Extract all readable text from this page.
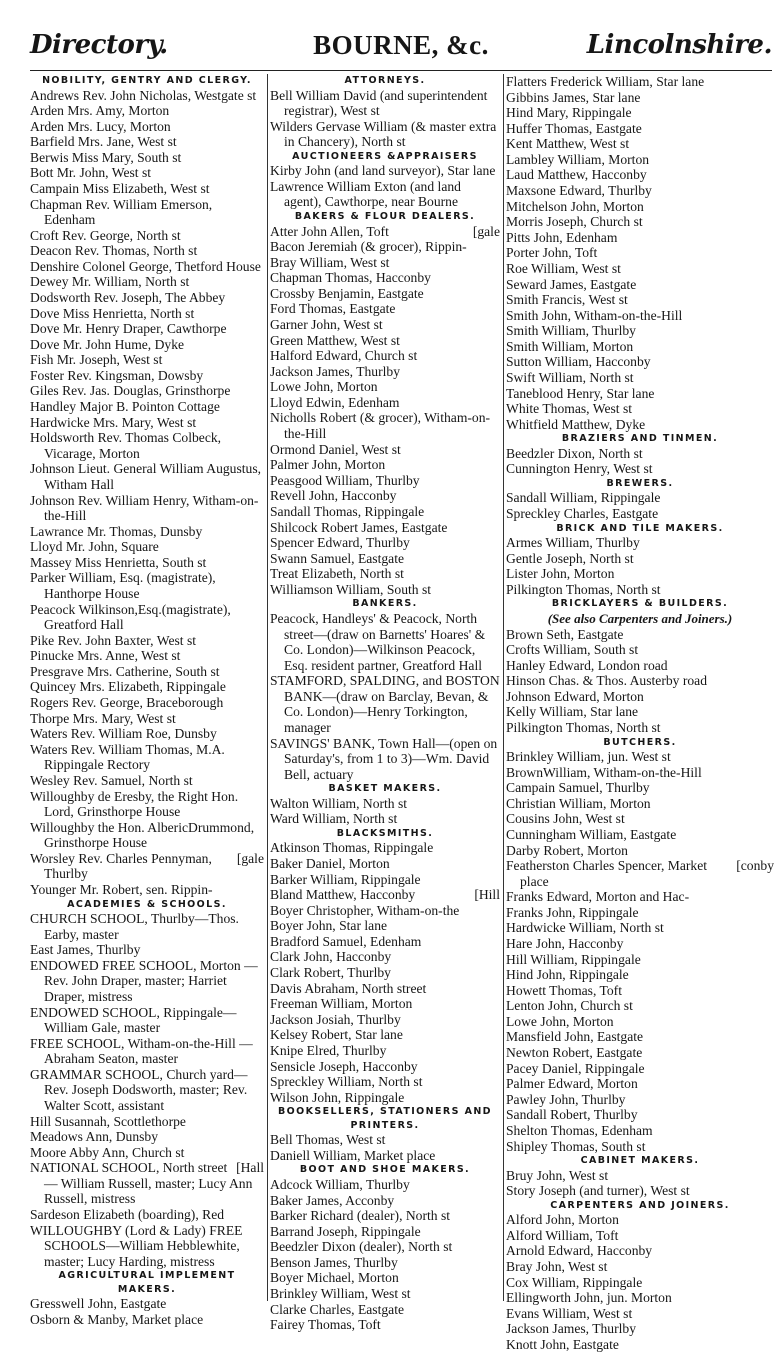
BOURNE, &c.
Directory.	Lincolnshire.
NOBILITY, GENTRY AND CLERGY.
Andrews Rev. John Nicholas, Westgate st
Arden Mrs. Amy, Morton
Arden Mrs. Lucy, Morton
Barfield Mrs. Jane, West st
Berwis Miss Mary, South st
Bott Mr. John, West st
Campain Miss Elizabeth, West st
Chapman Rev. William Emerson, Edenham
Croft Rev. George, North st
Deacon Rev. Thomas, North st
Denshire Colonel George, Thetford House
Dewey Mr. William, North st
Dodsworth Rev. Joseph, The Abbey
Dove Miss Henrietta, North st
Dove Mr. Henry Draper, Cawthorpe
Dove Mr. John Hume, Dyke
Fish Mr. Joseph, West st
Foster Rev. Kingsman, Dowsby
Giles Rev. Jas. Douglas, Grinsthorpe
Handley Major B. Pointon Cottage
Hardwicke Mrs. Mary, West st
Holdsworth Rev. Thomas Colbeck, Vicarage, Morton
Johnson Lieut. General William Augustus, Witham Hall
Johnson Rev. William Henry, Witham-on-the-Hill
Lawrance Mr. Thomas, Dunsby
Lloyd Mr. John, Square
Massey Miss Henrietta, South st
Parker William, Esq. (magistrate), Hanthorpe House
Peacock Wilkinson,Esq.(magistrate), Greatford Hall
Pike Rev. John Baxter, West st
Pinucke Mrs. Anne, West st
Presgrave Mrs. Catherine, South st
Quincey Mrs. Elizabeth, Rippingale
Rogers Rev. George, Braceborough
Thorpe Mrs. Mary, West st
Waters Rev. William Roe, Dunsby
Waters Rev. William Thomas, M.A. Rippingale Rectory
Wesley Rev. Samuel, North st
Willoughby de Eresby, the Right Hon. Lord, Grinsthorpe House
Willoughby the Hon. AlbericDrummond, Grinsthorpe House
[gale
Worsley Rev. Charles Pennyman, Thurlby
Younger Mr. Robert, sen. Rippin-
ACADEMIES & SCHOOLS.
CHURCH SCHOOL, Thurlby—Thos. Earby, master
East James, Thurlby
ENDOWED FREE SCHOOL, Morton —Rev. John Draper, master; Harriet Draper, mistress
ENDOWED SCHOOL, Rippingale— William Gale, master
FREE SCHOOL, Witham-on-the-Hill —Abraham Seaton, master
GRAMMAR SCHOOL, Church yard— Rev. Joseph Dodsworth, master; Rev. Walter Scott, assistant
Hill Susannah, Scottlethorpe
Meadows Ann, Dunsby
Moore Abby Ann, Church st
[Hall
NATIONAL SCHOOL, North street— William Russell, master; Lucy Ann Russell, mistress
Sardeson Elizabeth (boarding), Red
WILLOUGHBY (Lord & Lady) FREE SCHOOLS—William Hebblewhite, master; Lucy Harding, mistress
AGRICULTURAL IMPLEMENT MAKERS.
Gresswell John, Eastgate
Osborn & Manby, Market place
ATTORNEYS.
Bell William David (and superintendent registrar), West st
Wilders Gervase William (& master extra in Chancery), North st
AUCTIONEERS &APPRAISERS
Kirby John (and land surveyor), Star lane
Lawrence William Exton (and land agent), Cawthorpe, near Bourne
BAKERS & FLOUR DEALERS.
[gale
Atter John Allen, Toft
Bacon Jeremiah (& grocer), Rippin-
Bray William, West st
Chapman Thomas, Hacconby
Crossby Benjamin, Eastgate
Ford Thomas, Eastgate
Garner John, West st
Green Matthew, West st
Halford Edward, Church st
Jackson James, Thurlby
Lowe John, Morton
Lloyd Edwin, Edenham
Nicholls Robert (& grocer), Witham-on-the-Hill
Ormond Daniel, West st
Palmer John, Morton
Peasgood William, Thurlby
Revell John, Hacconby
Sandall Thomas, Rippingale
Shilcock Robert James, Eastgate
Spencer Edward, Thurlby
Swann Samuel, Eastgate
Treat Elizabeth, North st
Williamson William, South st
BANKERS.
Peacock, Handleys' & Peacock, North street—(draw on Barnetts' Hoares' & Co. London)—Wilkinson Peacock, Esq. resident partner, Greatford Hall
STAMFORD, SPALDING, and BOSTON BANK—(draw on Barclay, Bevan, & Co. London)—Henry Torkington, manager
SAVINGS' BANK, Town Hall—(open on Saturday's, from 1 to 3)—Wm. David Bell, actuary
BASKET MAKERS.
Walton William, North st
Ward William, North st
BLACKSMITHS.
Atkinson Thomas, Rippingale
Baker Daniel, Morton
Barker William, Rippingale
[Hill
Bland Matthew, Hacconby
Boyer Christopher, Witham-on-the
Boyer John, Star lane
Bradford Samuel, Edenham
Clark John, Hacconby
Clark Robert, Thurlby
Davis Abraham, North street
Freeman William, Morton
Jackson Josiah, Thurlby
Kelsey Robert, Star lane
Knipe Elred, Thurlby
Sensicle Joseph, Hacconby
Spreckley William, North st
Wilson John, Rippingale
BOOKSELLERS, STATIONERS AND PRINTERS.
Bell Thomas, West st
Daniell William, Market place
BOOT AND SHOE MAKERS.
Adcock William, Thurlby
Baker James, Acconby
Barker Richard (dealer), North st
Barrand Joseph, Rippingale
Beedzler Dixon (dealer), North st
Benson James, Thurlby
Boyer Michael, Morton
Brinkley William, West st
Clarke Charles, Eastgate
Fairey Thomas, Toft
Flatters Frederick William, Star lane
Gibbins James, Star lane
Hind Mary, Rippingale
Huffer Thomas, Eastgate
Kent Matthew, West st
Lambley William, Morton
Laud Matthew, Hacconby
Maxsone Edward, Thurlby
Mitchelson John, Morton
Morris Joseph, Church st
Pitts John, Edenham
Porter John, Toft
Roe William, West st
Seward James, Eastgate
Smith Francis, West st
Smith John, Witham-on-the-Hill
Smith William, Thurlby
Smith William, Morton
Sutton William, Hacconby
Swift William, North st
Taneblood Henry, Star lane
White Thomas, West st
Whitfield Matthew, Dyke
BRAZIERS AND TINMEN.
Beedzler Dixon, North st
Cunnington Henry, West st
BREWERS.
Sandall William, Rippingale
Spreckley Charles, Eastgate
BRICK AND TILE MAKERS.
Armes William, Thurlby
Gentle Joseph, North st
Lister John, Morton
Pilkington Thomas, North st
BRICKLAYERS & BUILDERS.
(See also Carpenters and Joiners.)
Brown Seth, Eastgate
Crofts William, South st
Hanley Edward, London road
Hinson Chas. & Thos. Austerby road
Johnson Edward, Morton
Kelly William, Star lane
Pilkington Thomas, North st
BUTCHERS.
Brinkley William, jun. West st
BrownWilliam, Witham-on-the-Hill
Campain Samuel, Thurlby
Christian William, Morton
Cousins John, West st
Cunningham William, Eastgate
Darby Robert, Morton
[conby
Featherston Charles Spencer, Market place
Franks Edward, Morton and Hac-
Franks John, Rippingale
Hardwicke William, North st
Hare John, Hacconby
Hill William, Rippingale
Hind John, Rippingale
Howett Thomas, Toft
Lenton John, Church st
Lowe John, Morton
Mansfield John, Eastgate
Newton Robert, Eastgate
Pacey Daniel, Rippingale
Palmer Edward, Morton
Pawley John, Thurlby
Sandall Robert, Thurlby
Shelton Thomas, Edenham
Shipley Thomas, South st
CABINET MAKERS.
Bruy John, West st
Story Joseph (and turner), West st
CARPENTERS AND JOINERS.
Alford John, Morton
Alford William, Toft
Arnold Edward, Hacconby
Bray John, West st
Cox William, Rippingale
Ellingworth John, jun. Morton
Evans William, West st
Jackson James, Thurlby
Knott John, Eastgate
